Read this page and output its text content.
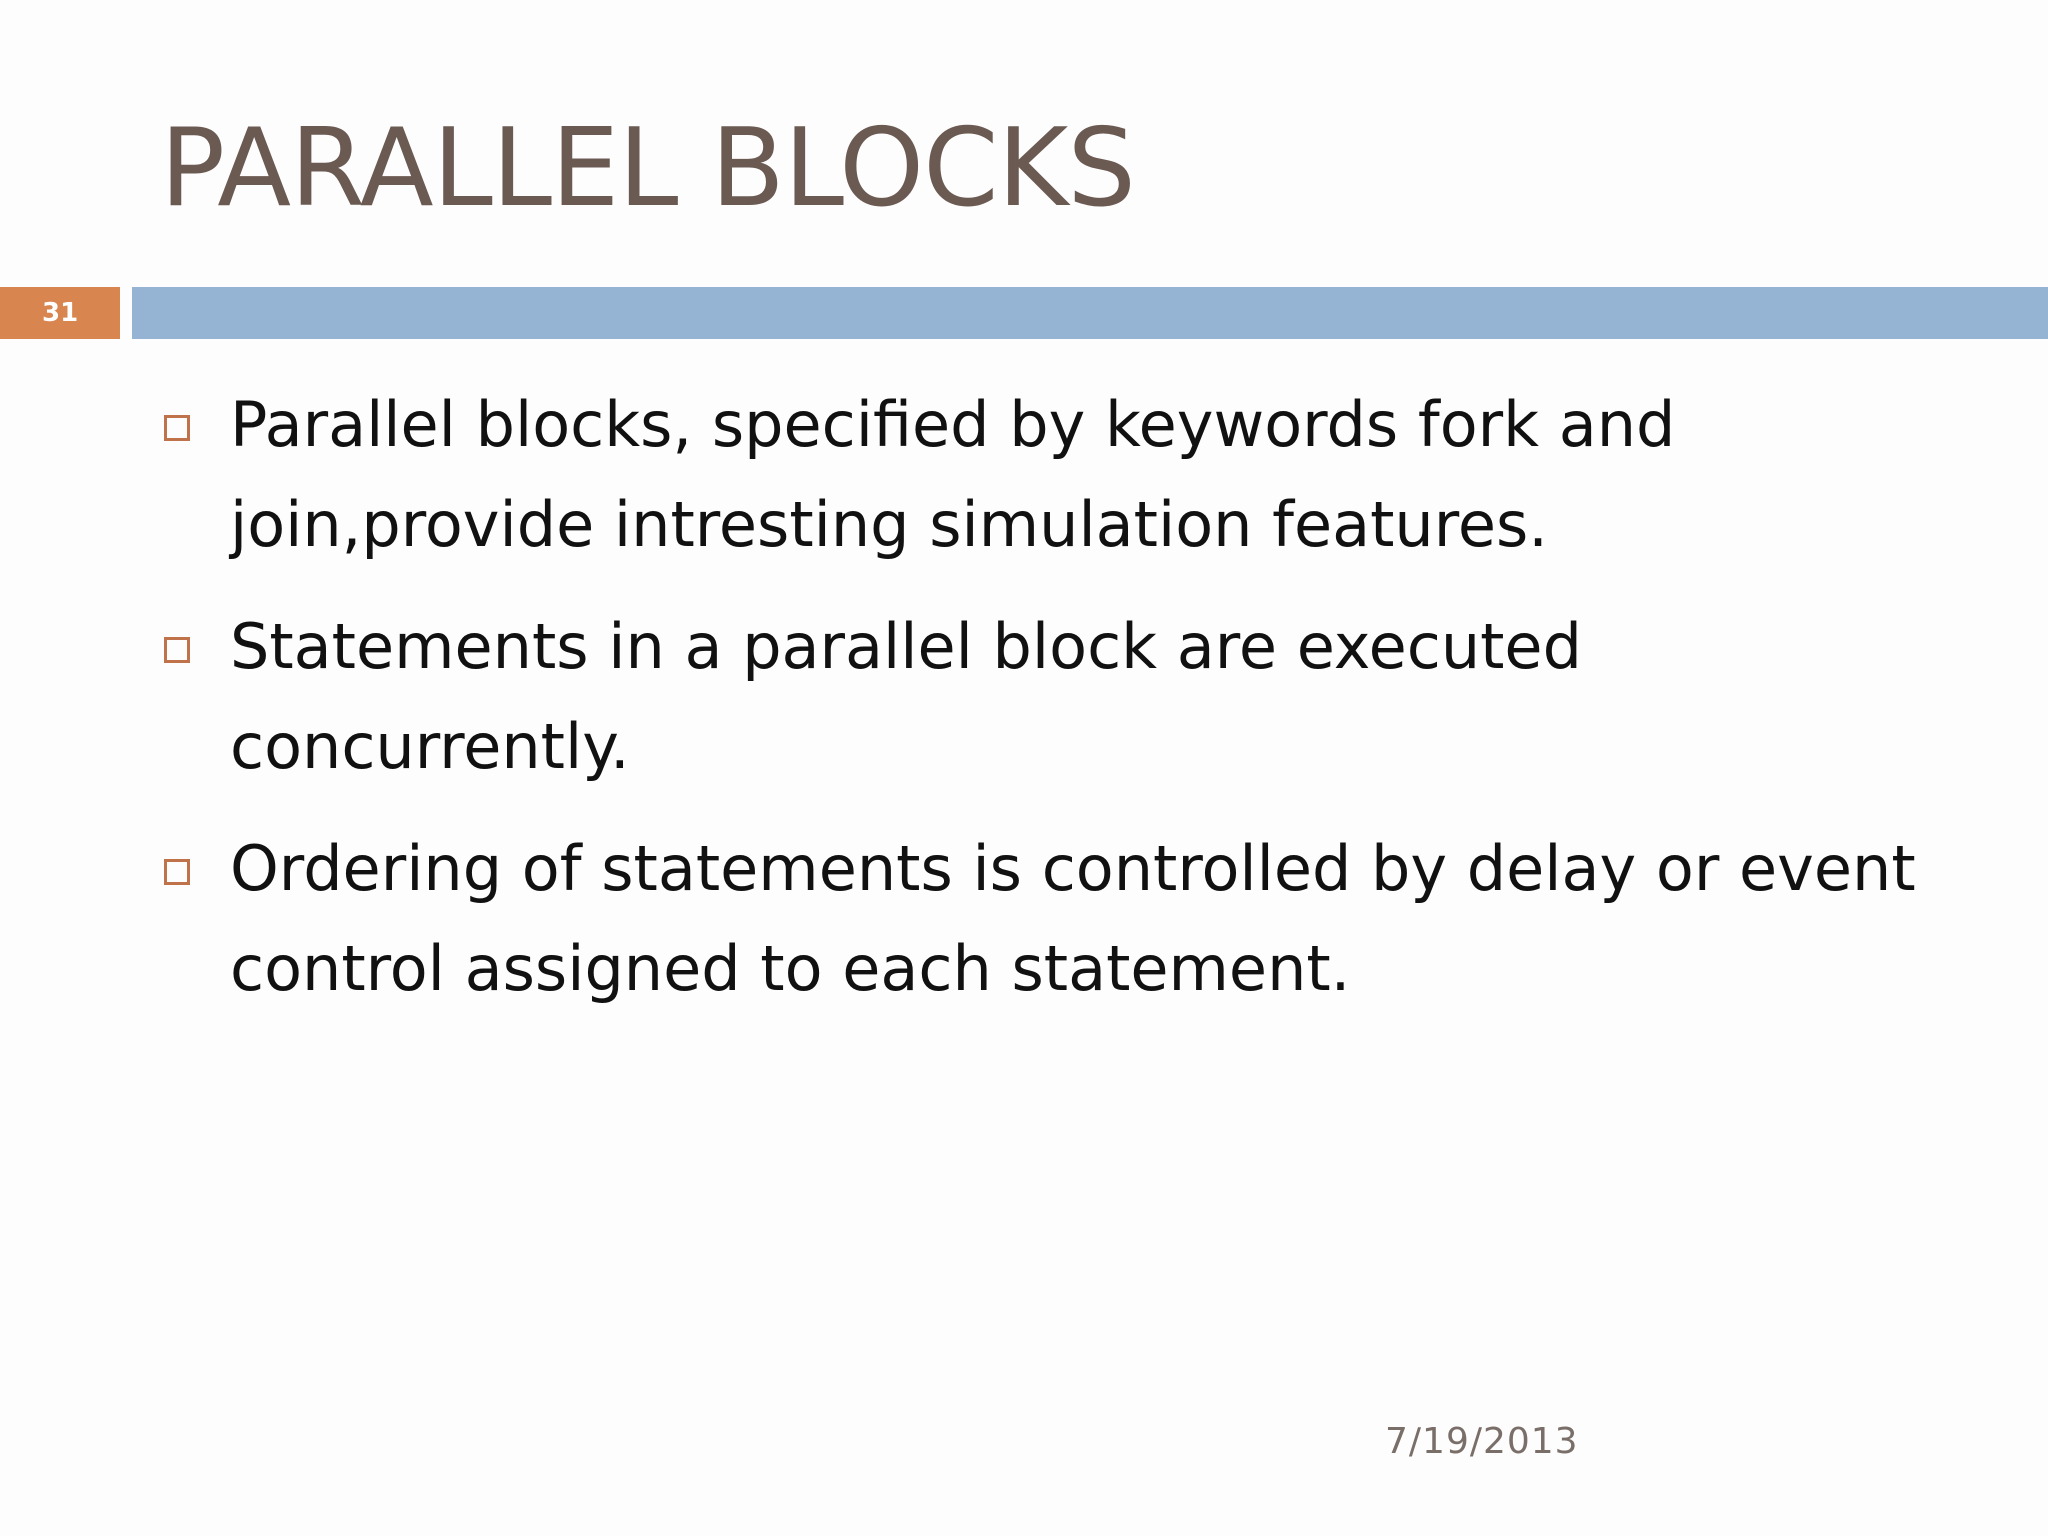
PARALLEL BLOCKS
31
Parallel blocks, specified by keywords fork and join,provide intresting simulation features.
Statements in a parallel block are executed concurrently.
Ordering of statements is controlled by delay or event control assigned to each statement.
7/19/2013
